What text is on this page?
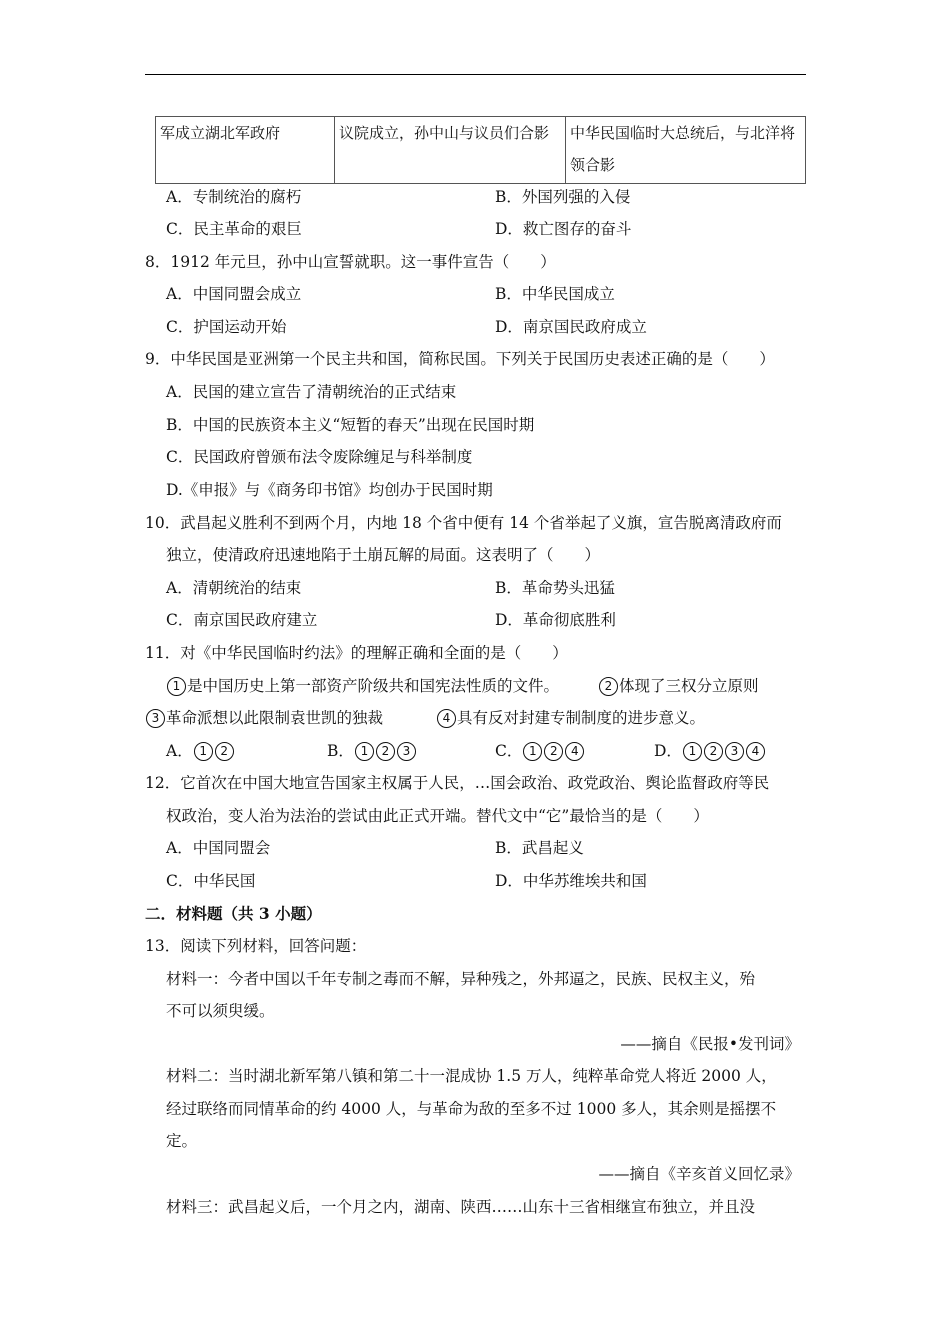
军成立湖北军政府	议院成立，孙中山与议员们合影	中华民国临时大总统后，与北洋将领合影
A．专制统治的腐朽	B．外国列强的入侵
C．民主革命的艰巨	D．救亡图存的奋斗
8．1912 年元旦，孙中山宣誓就职。这一事件宣告（　　）
A．中国同盟会成立	B．中华民国成立
C．护国运动开始	D．南京国民政府成立
9．中华民国是亚洲第一个民主共和国，简称民国。下列关于民国历史表述正确的是（　　）
A．民国的建立宣告了清朝统治的正式结束
B．中国的民族资本主义“短暂的春天”出现在民国时期
C．民国政府曾颁布法令废除缠足与科举制度
D.《申报》与《商务印书馆》均创办于民国时期
10．武昌起义胜利不到两个月，内地 18 个省中便有 14 个省举起了义旗，宣告脱离清政府而
独立，使清政府迅速地陷于土崩瓦解的局面。这表明了（　　）
A．清朝统治的结束	B．革命势头迅猛
C．南京国民政府建立	D．革命彻底胜利
11．对《中华民国临时约法》的理解正确和全面的是（　　）
1 是中国历史上第一部资产阶级共和国宪法性质的文件。	2 体现了三权分立原则
3 革命派想以此限制袁世凯的独裁	4 具有反对封建专制制度的进步意义。
A． 1 2	B． 1 2 3	C． 1 2 4	D． 1 2 3 4
12．它首次在中国大地宣告国家主权属于人民，…国会政治、政党政治、舆论监督政府等民
权政治，变人治为法治的尝试由此正式开端。替代文中“它”最恰当的是（　　）
A．中国同盟会	B．武昌起义
C．中华民国	D．中华苏维埃共和国
二．材料题（共 3 小题）
13．阅读下列材料，回答问题：
材料一：今者中国以千年专制之毒而不解，异种残之，外邦逼之，民族、民权主义，殆
不可以须臾缓。
——摘自《民报•发刊词》
材料二：当时湖北新军第八镇和第二十一混成协 1.5 万人，纯粹革命党人将近 2000 人，
经过联络而同情革命的约 4000 人，与革命为敌的至多不过 1000 多人，其余则是摇摆不
定。
——摘自《辛亥首义回忆录》
材料三：武昌起义后，一个月之内，湖南、陕西……山东十三省相继宣布独立，并且没
